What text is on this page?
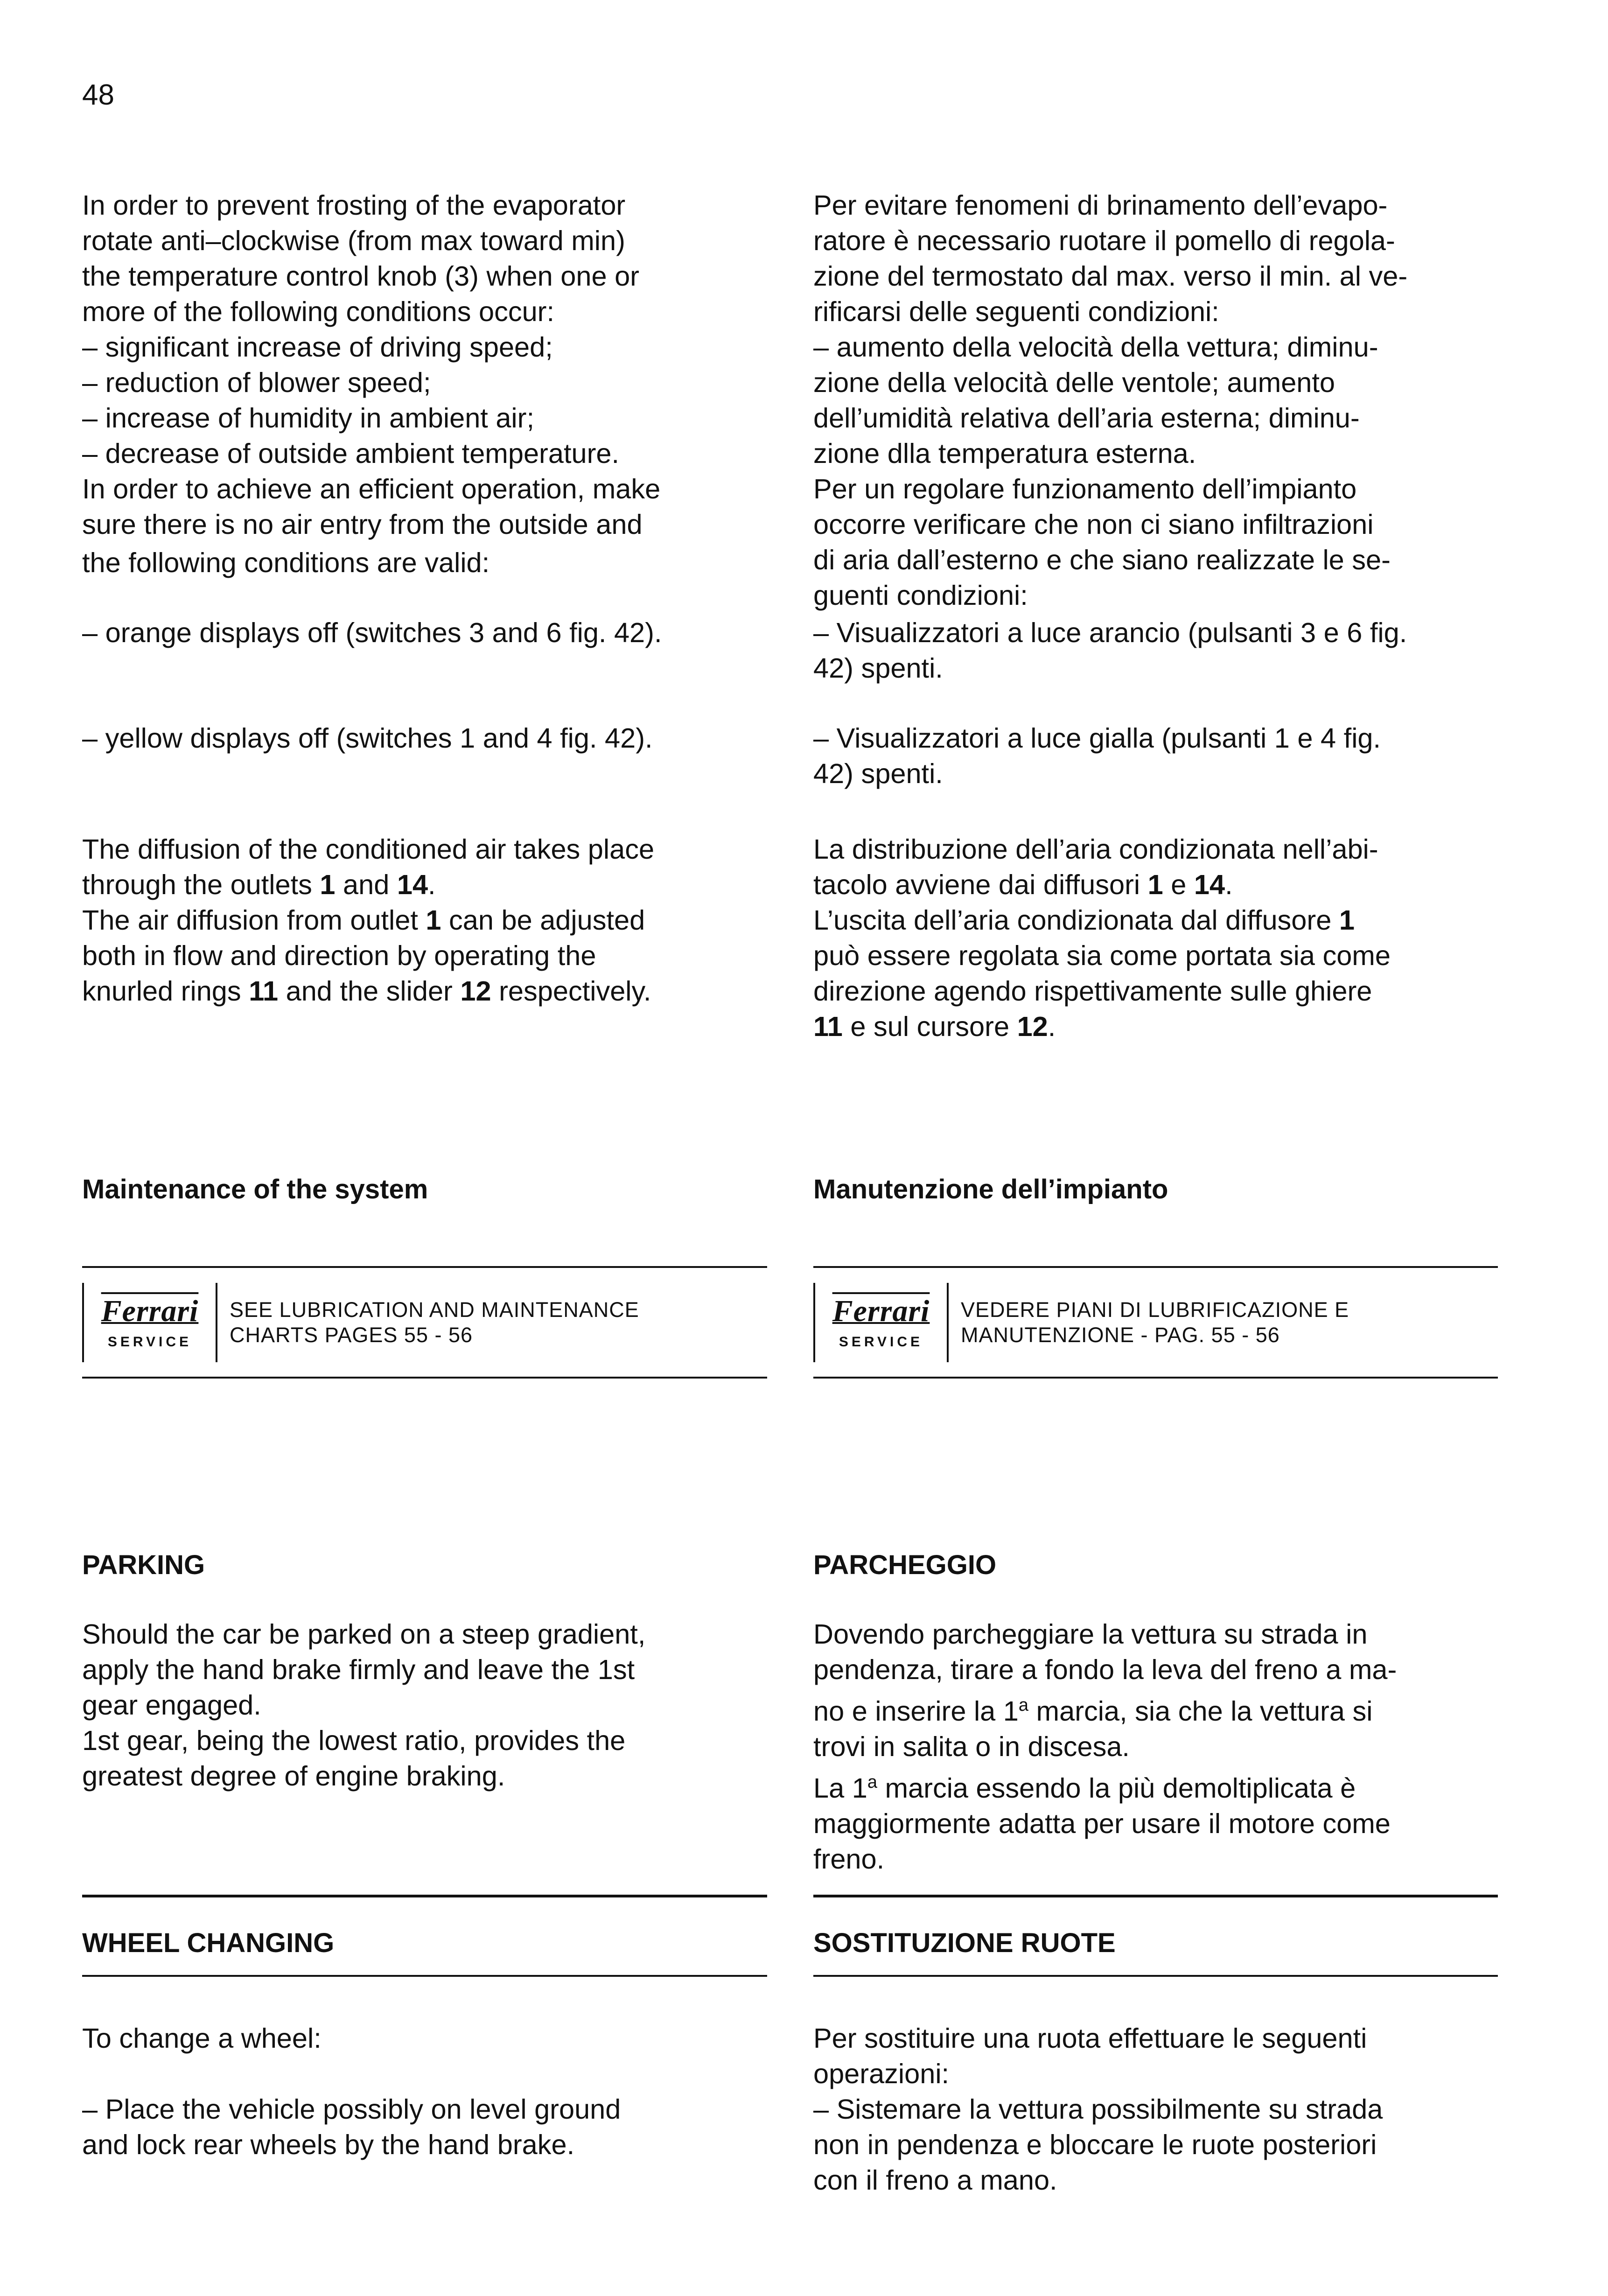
48

In order to prevent frosting of the evaporator

rotate anti–clockwise (from max toward min)

the temperature control knob (3) when one or

more of the following conditions occur:

– significant increase of driving speed;

– reduction of blower speed;

– increase of humidity in ambient air;

– decrease of outside ambient temperature.

In order to achieve an efficient operation, make

sure there is no air entry from the outside and

the following conditions are valid:

– orange displays off (switches 3 and 6 fig. 42).

– yellow displays off (switches 1 and 4 fig. 42).

The diffusion of the conditioned air takes place

through the outlets 1 and 14.

The air diffusion from outlet 1 can be adjusted

both in flow and direction by operating the

knurled rings 11 and the slider 12 respectively.

Per evitare fenomeni di brinamento dell’evapo-

ratore è necessario ruotare il pomello di regola-

zione del termostato dal max. verso il min. al ve-

rificarsi delle seguenti condizioni:

– aumento della velocità della vettura; diminu-

zione della velocità delle ventole; aumento

dell’umidità relativa dell’aria esterna; diminu-

zione dlla temperatura esterna.

Per un regolare funzionamento dell’impianto

occorre verificare che non ci siano infiltrazioni

di aria dall’esterno e che siano realizzate le se-

guenti condizioni:

– Visualizzatori a luce arancio (pulsanti 3 e 6 fig.

42) spenti.

– Visualizzatori a luce gialla (pulsanti 1 e 4 fig.

42) spenti.

La distribuzione dell’aria condizionata nell’abi-

tacolo avviene dai diffusori 1 e 14.

L’uscita dell’aria condizionata dal diffusore 1

può essere regolata sia come portata sia come

direzione agendo rispettivamente sulle ghiere

11 e sul cursore 12.

Maintenance of the system	Manutenzione dell’impianto
Ferrari
SERVICE
SEE LUBRICATION AND MAINTENANCE
CHARTS PAGES 55 - 56
Ferrari
SERVICE
VEDERE PIANI DI LUBRIFICAZIONE E
MANUTENZIONE - PAG. 55 - 56
PARKING	PARCHEGGIO

Should the car be parked on a steep gradient,

apply the hand brake firmly and leave the 1st

gear engaged.

1st gear, being the lowest ratio, provides the

greatest degree of engine braking.

Dovendo parcheggiare la vettura su strada in

pendenza, tirare a fondo la leva del freno a ma-

no e inserire la 1$^a$ marcia, sia che la vettura si

trovi in salita o in discesa.

La 1$^a$ marcia essendo la più demoltiplicata è

maggiormente adatta per usare il motore come

freno.

WHEEL CHANGING	SOSTITUZIONE RUOTE

To change a wheel:

– Place the vehicle possibly on level ground

and lock rear wheels by the hand brake.

Per sostituire una ruota effettuare le seguenti

operazioni:

– Sistemare la vettura possibilmente su strada

non in pendenza e bloccare le ruote posteriori

con il freno a mano.
